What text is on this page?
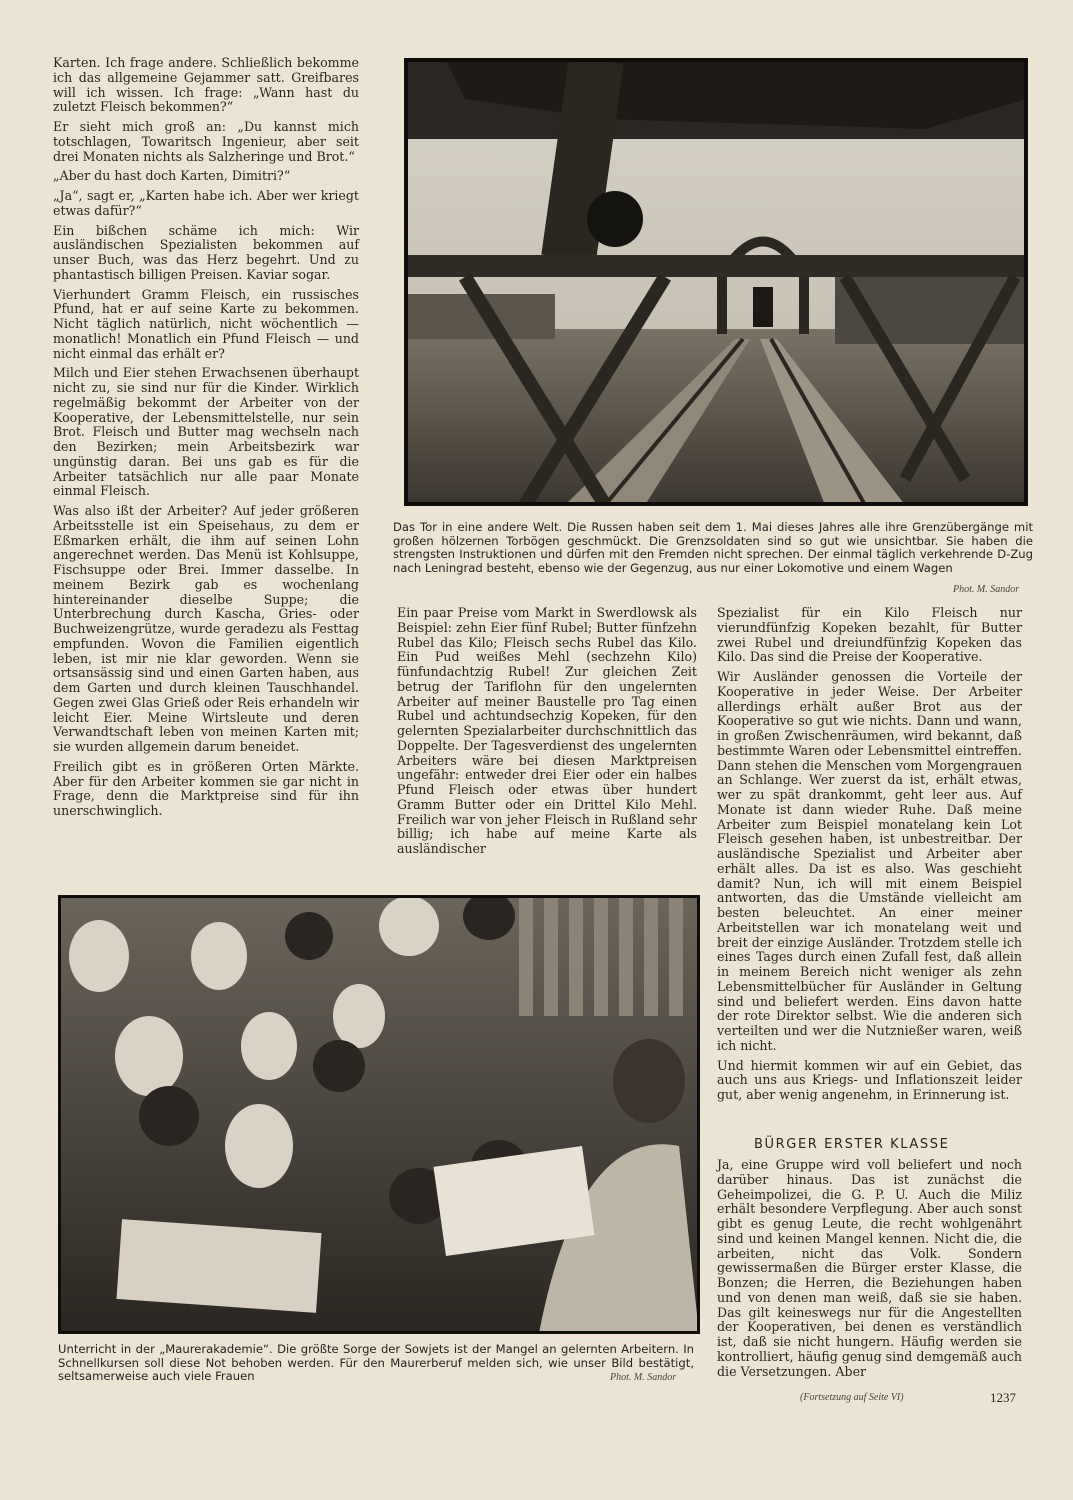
Karten. Ich frage andere. Schließlich bekomme ich das allgemeine Gejammer satt. Greifbares will ich wissen. Ich frage: „Wann hast du zuletzt Fleisch bekommen?“

Er sieht mich groß an: „Du kannst mich totschlagen, Towaritsch Ingenieur, aber seit drei Monaten nichts als Salzheringe und Brot.“

„Aber du hast doch Karten, Dimitri?“

„Ja“, sagt er, „Karten habe ich. Aber wer kriegt etwas dafür?“

Ein bißchen schäme ich mich: Wir ausländischen Spezialisten bekommen auf unser Buch, was das Herz begehrt. Und zu phantastisch billigen Preisen. Kaviar sogar.

Vierhundert Gramm Fleisch, ein russisches Pfund, hat er auf seine Karte zu bekommen. Nicht täglich natürlich, nicht wöchentlich — monatlich! Monatlich ein Pfund Fleisch — und nicht einmal das erhält er?

Milch und Eier stehen Erwachsenen überhaupt nicht zu, sie sind nur für die Kinder. Wirklich regelmäßig bekommt der Arbeiter von der Kooperative, der Lebensmittelstelle, nur sein Brot. Fleisch und Butter mag wechseln nach den Bezirken; mein Arbeitsbezirk war ungünstig daran. Bei uns gab es für die Arbeiter tatsächlich nur alle paar Monate einmal Fleisch.

Was also ißt der Arbeiter? Auf jeder größeren Arbeitsstelle ist ein Speisehaus, zu dem er Eßmarken erhält, die ihm auf seinen Lohn angerechnet werden. Das Menü ist Kohlsuppe, Fischsuppe oder Brei. Immer dasselbe. In meinem Bezirk gab es wochenlang hintereinander dieselbe Suppe; die Unterbrechung durch Kascha, Gries- oder Buchweizengrütze, wurde geradezu als Festtag empfunden. Wovon die Familien eigentlich leben, ist mir nie klar geworden. Wenn sie ortsansässig sind und einen Garten haben, aus dem Garten und durch kleinen Tauschhandel. Gegen zwei Glas Grieß oder Reis erhandeln wir leicht Eier. Meine Wirtsleute und deren Verwandtschaft leben von meinen Karten mit; sie wurden allgemein darum beneidet.

Freilich gibt es in größeren Orten Märkte. Aber für den Arbeiter kommen sie gar nicht in Frage, denn die Marktpreise sind für ihn unerschwinglich.

Das Tor in eine andere Welt. Die Russen haben seit dem 1. Mai dieses Jahres alle ihre Grenzübergänge mit großen hölzernen Torbögen geschmückt. Die Grenzsoldaten sind so gut wie unsichtbar. Sie haben die strengsten Instruktionen und dürfen mit den Fremden nicht sprechen. Der einmal täglich verkehrende D-Zug nach Leningrad besteht, ebenso wie der Gegenzug, aus nur einer Lokomotive und einem Wagen
Phot. M. Sandor

Ein paar Preise vom Markt in Swerdlowsk als Beispiel: zehn Eier fünf Rubel; Butter fünfzehn Rubel das Kilo; Fleisch sechs Rubel das Kilo. Ein Pud weißes Mehl (sechzehn Kilo) fünfundachtzig Rubel! Zur gleichen Zeit betrug der Tariflohn für den ungelernten Arbeiter auf meiner Baustelle pro Tag einen Rubel und achtundsechzig Kopeken, für den gelernten Spezialarbeiter durchschnittlich das Doppelte. Der Tagesverdienst des ungelernten Arbeiters wäre bei diesen Marktpreisen ungefähr: entweder drei Eier oder ein halbes Pfund Fleisch oder etwas über hundert Gramm Butter oder ein Drittel Kilo Mehl. Freilich war von jeher Fleisch in Rußland sehr billig; ich habe auf meine Karte als ausländischer

Spezialist für ein Kilo Fleisch nur vierundfünfzig Kopeken bezahlt, für Butter zwei Rubel und dreiundfünfzig Kopeken das Kilo. Das sind die Preise der Kooperative.

Wir Ausländer genossen die Vorteile der Kooperative in jeder Weise. Der Arbeiter allerdings erhält außer Brot aus der Kooperative so gut wie nichts. Dann und wann, in großen Zwischenräumen, wird bekannt, daß bestimmte Waren oder Lebensmittel eintreffen. Dann stehen die Menschen vom Morgengrauen an Schlange. Wer zuerst da ist, erhält etwas, wer zu spät drankommt, geht leer aus. Auf Monate ist dann wieder Ruhe. Daß meine Arbeiter zum Beispiel monatelang kein Lot Fleisch gesehen haben, ist unbestreitbar. Der ausländische Spezialist und Arbeiter aber erhält alles. Da ist es also. Was geschieht damit? Nun, ich will mit einem Beispiel antworten, das die Umstände vielleicht am besten beleuchtet. An einer meiner Arbeitstellen war ich monatelang weit und breit der einzige Ausländer. Trotzdem stelle ich eines Tages durch einen Zufall fest, daß allein in meinem Bereich nicht weniger als zehn Lebensmittelbücher für Ausländer in Geltung sind und beliefert werden. Eins davon hatte der rote Direktor selbst. Wie die anderen sich verteilten und wer die Nutznießer waren, weiß ich nicht.

Und hiermit kommen wir auf ein Gebiet, das auch uns aus Kriegs- und Inflationszeit leider gut, aber wenig angenehm, in Erinnerung ist.

BÜRGER ERSTER KLASSE

Ja, eine Gruppe wird voll beliefert und noch darüber hinaus. Das ist zunächst die Geheimpolizei, die G. P. U. Auch die Miliz erhält besondere Verpflegung. Aber auch sonst gibt es genug Leute, die recht wohlgenährt sind und keinen Mangel kennen. Nicht die, die arbeiten, nicht das Volk. Sondern gewissermaßen die Bürger erster Klasse, die Bonzen; die Herren, die Beziehungen haben und von denen man weiß, daß sie sie haben. Das gilt keineswegs nur für die Angestellten der Kooperativen, bei denen es verständlich ist, daß sie nicht hungern. Häufig werden sie kontrolliert, häufig genug sind demgemäß auch die Versetzungen. Aber

Unterricht in der „Maurerakademie“. Die größte Sorge der Sowjets ist der Mangel an gelernten Arbeitern. In Schnellkursen soll diese Not behoben werden. Für den Maurerberuf melden sich, wie unser Bild bestätigt, seltsamerweise auch viele Frauen	Phot. M. Sandor
(Fortsetzung auf Seite VI)	1237
